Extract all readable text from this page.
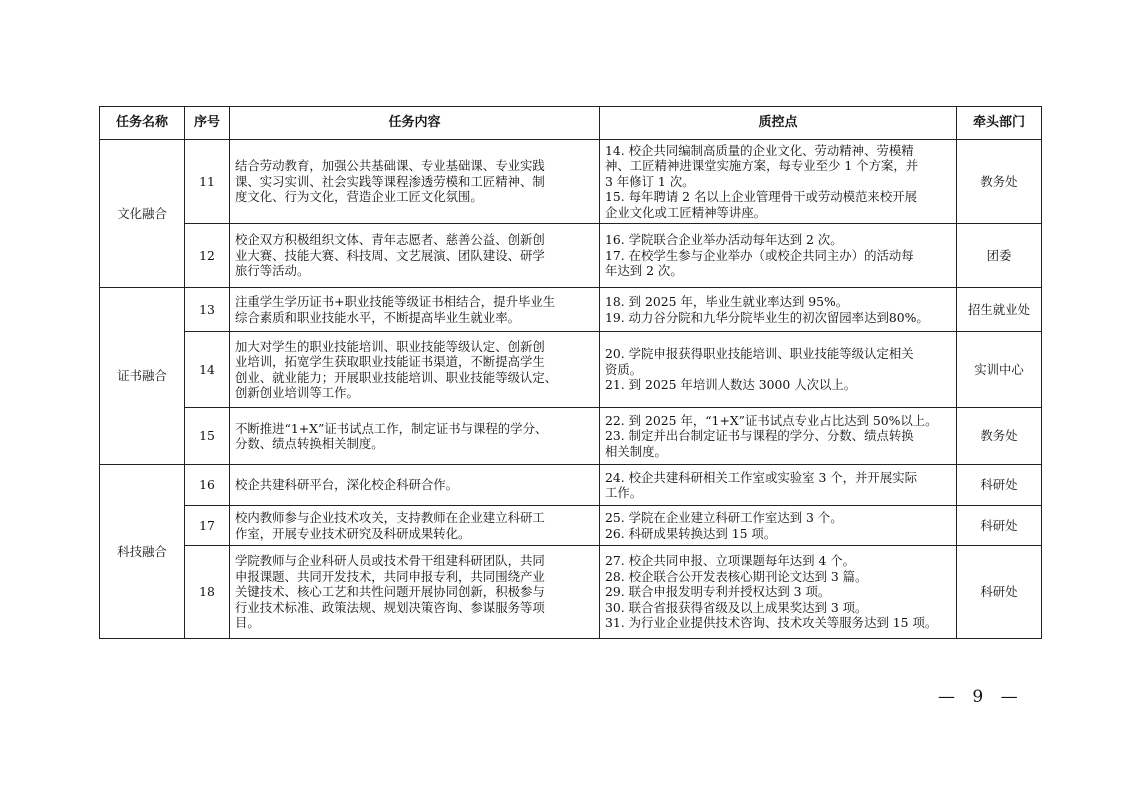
任务名称	序号	任务内容	质控点	牵头部门
文化融合	11	结合劳动教育，加强公共基础课、专业基础课、专业实践
课、实习实训、社会实践等课程渗透劳模和工匠精神、制
度文化、行为文化，营造企业工匠文化氛围。	14. 校企共同编制高质量的企业文化、劳动精神、劳模精
神、工匠精神进课堂实施方案，每专业至少 1 个方案，并
3 年修订 1 次。
15. 每年聘请 2 名以上企业管理骨干或劳动模范来校开展
企业文化或工匠精神等讲座。	教务处
	12	校企双方积极组织文体、青年志愿者、慈善公益、创新创
业大赛、技能大赛、科技周、文艺展演、团队建设、研学
旅行等活动。	16. 学院联合企业举办活动每年达到 2 次。
17. 在校学生参与企业举办（或校企共同主办）的活动每
年达到 2 次。	团委
证书融合	13	注重学生学历证书+职业技能等级证书相结合，提升毕业生
综合素质和职业技能水平，不断提高毕业生就业率。	18. 到 2025 年，毕业生就业率达到 95%。
19. 动力谷分院和九华分院毕业生的初次留园率达到80%。	招生就业处
	14	加大对学生的职业技能培训、职业技能等级认定、创新创
业培训，拓宽学生获取职业技能证书渠道，不断提高学生
创业、就业能力；开展职业技能培训、职业技能等级认定、
创新创业培训等工作。	20. 学院申报获得职业技能培训、职业技能等级认定相关
资质。
21. 到 2025 年培训人数达 3000 人次以上。	实训中心
	15	不断推进“1+X”证书试点工作，制定证书与课程的学分、
分数、绩点转换相关制度。	22. 到 2025 年，“1+X”证书试点专业占比达到 50%以上。
23. 制定并出台制定证书与课程的学分、分数、绩点转换
相关制度。	教务处
科技融合	16	校企共建科研平台，深化校企科研合作。	24. 校企共建科研相关工作室或实验室 3 个，并开展实际
工作。	科研处
	17	校内教师参与企业技术攻关，支持教师在企业建立科研工
作室，开展专业技术研究及科研成果转化。	25. 学院在企业建立科研工作室达到 3 个。
26. 科研成果转换达到 15 项。	科研处
	18	学院教师与企业科研人员或技术骨干组建科研团队，共同
申报课题、共同开发技术，共同申报专利，共同围绕产业
关键技术、核心工艺和共性问题开展协同创新，积极参与
行业技术标准、政策法规、规划决策咨询、参谋服务等项
目。	27. 校企共同申报、立项课题每年达到 4 个。
28. 校企联合公开发表核心期刊论文达到 3 篇。
29. 联合申报发明专利并授权达到 3 项。
30. 联合省报获得省级及以上成果奖达到 3 项。
31. 为行业企业提供技术咨询、技术攻关等服务达到 15 项。	科研处
— 9 —
